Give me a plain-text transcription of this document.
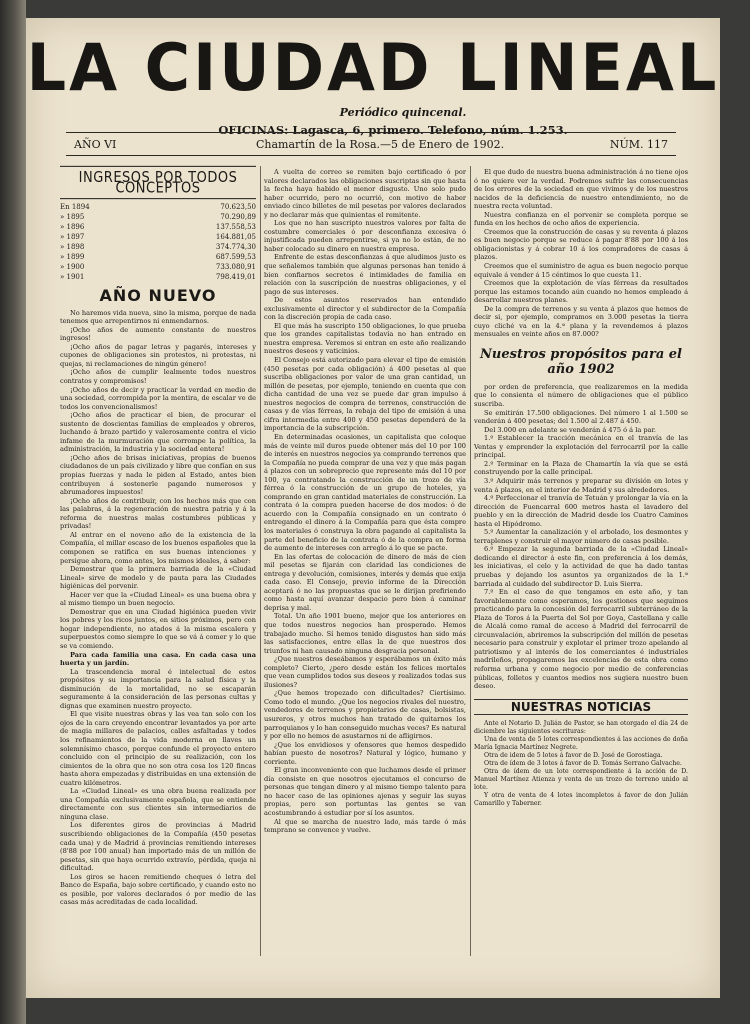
LA CIUDAD LINEAL
Periódico quincenal.
OFICINAS: Lagasca, 6, primero. Telefono, núm. 1.253.
AÑO VI	Chamartín de la Rosa.—5 de Enero de 1902.	NÚM. 117
INGRESOS POR TODOS CONCEPTOS
En 1894	70.623,50
» 1895	70.290,89
» 1896	137.558,53
» 1897	164.881,05
» 1898	374.774,30
» 1899	687.599,53
» 1900	733.080,91
» 1901	798.419,01
AÑO NUEVO

No haremos vida nueva, sino la misma, porque de nada tenemos que arrepentirnos ni enmendarnos.

¡Ocho años de aumento constante de nuestros ingresos!

¡Ocho años de pagar letras y pagarés, intereses y cupones de obligaciones sin protestos, ni protestas, ni quejas, ni reclamaciones de ningún género!

¡Ocho años de cumplir lealmente todos nuestros contratos y compromisos!

¡Ocho años de decir y practicar la verdad en medio de una sociedad, corrompida por la mentira, de escalar ve de todos los convencionalismos!

¡Ocho años de practicar el bien, de procurar el sustento de doscientas familias de empleados y obreros, luchando á brazo partido y valerosamente contra el vicio infame de la murmuración que corrompe la política, la administración, la industria y la sociedad entera!

¡Ocho años de brisas iniciativas, propias de buenos ciudadanos de un país civilizado y libre que confían en sus propias fuerzas y nada le piden al Estado, antes bien contribuyen á sostenerle pagando numerosos y abrumadores impuestos!

¡Ocho años de contribuir, con los hechos más que con las palabras, á la regeneración de nuestra patria y á la reforma de nuestras malas costumbres públicas y privadas!

Al entrar en el noveno año de la existencia de la Compañía, el millar escaso de los buenos españoles que la componen se ratifica en sus buenas intenciones y persigue ahora, como antes, los mismos ideales, á saber:

Demostrar que la primera barriada de la «Ciudad Lineal» sirve de modelo y de pauta para las Ciudades higiénicas del porvenir.

Hacer ver que la «Ciudad Lineal» es una buena obra y al mismo tiempo un buen negocio.

Demostrar que en una Ciudad higiénica pueden vivir los pobres y los ricos juntos, en sitios próximos, pero con hogar independiente, no atados á la misma escalera y superpuestos como siempre lo que se vá á comer y lo que se va comiendo.

Para cada familia una casa. En cada casa una huerta y un jardín.

La trascendencia moral é intelectual de estos propósitos y su importancia para la salud física y la disminución de la mortalidad, no se escaparán seguramente á la consideración de las personas cultas y dignas que examinen nuestro proyecto.

El que visite nuestras obras y las vea tan solo con los ojos de la cara creyendo encontrar levantados ya por arte de magia millares de palacios, calles asfaltadas y todos los refinamientos de la vida moderna en llaves un solemnísimo chasco, porque confunde el proyecto entero concluido con el principio de su realización, con los cimientos de la obra que no son otra cosa los 120 fincas hasta ahora empezadas y distribuidas en una extensión de cuatro kilómetros.

La «Ciudad Lineal» es una obra buena realizada por una Compañía exclusivamente española, que se entiende directamente con sus clientes sin intermediarios de ninguna clase.

Los diferentes giros de provincias á Madrid suscribiendo obligaciones de la Compañía (450 pesetas cada una) y de Madrid á provincias remitiendo intereses (8'88 por 100 anual) han importado más de un millón de pesetas, sin que haya ocurrido extravío, pérdida, queja ni dificultad.

Los giros se hacen remitiendo cheques ó letra del Banco de España, bajo sobre certificado, y cuando esto no es posible, por valores declarados ó por medio de las casas más acreditadas de cada localidad.

A vuelta de correo se remiten bajo certificado ó por valores declarados las obligaciones suscriptas sin que hasta la fecha haya habido el menor disgusto. Uno solo pudo haber ocurrido, pero no ocurrió, con motivo de haber enviado cinco billetes de mil pesetas por valores declarados y no declarar más que quinientas el remitente.

Los que no han suscripto nuestros valores por falta de costumbre comerciales ó por desconfianza excesiva ó injustificada pueden arrepentirse, si ya no lo están, de no haber colocado su dinero en nuestra empresa.

Enfrente de estas desconfianzas á que aludimos justo es que señalemos también que algunas personas han tenido á bien confiarnos secretos é intimidades de familia en relación con la suscripción de nuestras obligaciones, y el pago de sus intereses.

De estos asuntos reservados han entendido exclusivamente el director y el subdirector de la Compañía con la discreción propia de cada caso.

El que más ha suscripto 150 obligaciones, lo que prueba que los grandes capitalistas todavía no han entrado en nuestra empresa. Veremos si entran en este año realizando nuestros deseos y vaticinios.

El Consejo está autorizado para elevar el tipo de emisión (450 pesetas por cada obligación) á 400 pesetas al que suscriba obligaciones por valor de una gran cantidad, un millón de pesetas, por ejemplo, teniendo en cuenta que con dicha cantidad de una vez se puede dar gran impulso á nuestros negocios de compra de terrenos, construcción de casas y de vías férreas, la rebaja del tipo de emisión á una cifra intermedia entre 400 y 450 pesetas dependerá de la importancia de la subscripción.

En determinadas ocasiones, un capitalista que coloque más de veinte mil duros puede obtener más del 10 por 100 de interés en nuestros negocios ya comprando terrenos que la Compañía no pueda comprar de una vez y que más pagan á plazos con un sobreprecio que represente más del 10 por 100, ya contratando la construcción de un trozo de vía férrea ó la construcción de un grupo de hoteles, ya comprando en gran cantidad materiales de construcción. La contrata ó la compra pueden hacerse de dos modos: ó de acuerdo con la Compañía consignado en un contrato ó entregando el dinero á la Compañía para que ésta compre los materiales ó construya la obra pagando al capitalista la parte del beneficio de la contrata ó de la compra en forma de aumento de intereses con arreglo á lo que se pacte.

En las ofertas de colocación de dinero de más de cien mil pesetas se fijarán con claridad las condiciones de entrega y devolución, comisiones, interés y demás que exija cada caso. El Consejo, previo informe de la Dirección aceptará ó no las propuestas que se le dirijan prefiriendo como hasta aquí avanzar despacio pero bien á caminar deprisa y mal.

Total. Un año 1901 bueno, mejor que los anteriores en que todos nuestros negocios han prosperado. Hemos trabajado mucho. Sí hemos tenido disgustos han sido más las satisfacciones, entre ellas la de que nuestros dos triunfos ni han causado ninguna desgracia personal.

¿Que nuestros deseábamos y esperábamos un éxito más completo? Cierto, ¿pero desde están los felices mortales que vean cumplidos todos sus deseos y realizados todas sus ilusiones?

¿Que hemos tropezado con dificultades? Ciertísimo. Como todo el mundo. ¿Que los negocios rivales del nuestro, vendedores de terrenos y propietarios de casas, bolsistas, usureros, y otros muchos han tratado de quitarnos los parroquianos y lo han conseguido muchas veces? Es natural y por ello no hemos de asustarnos ni de afligirnos.

¿Que los envidiosos y ofensores que hemos despedido habían puesto de nosotros? Natural y lógico, humano y corriente.

El gran inconveniente con que luchamos desde el primer día consiste en que nosotros ejecutamos el concurso de personas que tengan dinero y al mismo tiempo talento para no hacer caso de las opiniones ajenas y seguir las suyas propias, pero son portuntas las gentes se van acostumbrando á estudiar por sí los asuntos.

Al que se marcha de nuestro lado, más tarde ó más temprano se convence y vuelve.

El que dudo de nuestra buena administración á no tiene ojos ó no quiere ver la verdad. Podremos sufrir las consecuencias de los errores de la sociedad en que vivimos y de los nuestros nacidos de la deficiencia de nuestro entendimiento, no de nuestra recta voluntad.

Nuestra confianza en el porvenir se completa porque se funda en los hechos de ocho años de experiencia.

Creemos que la construcción de casas y su reventa á plazos es buen negocio porque se reduce á pagar 8'88 por 100 á los obligacionistas y á cobrar 10 á los compradores de casas á plazos.

Creemos que el suministro de agua es buen negocio porque equivale á vender á 15 céntimos lo que cuesta 11.

Creemos que la explotación de vías férreas da resultados porque las estamos tocando aún cuando no hemos empleado á desarrollar nuestros planes.

De la compra de terrenos y su venta á plazos que hemos de decir si, por ejemplo, compramos en 3.000 pesetas la tierra cuyo cliché va en la 4.ª plana y la revendemos á plazos mensuales en veinte años en 87.000?

Nuestros propósitos para el año 1902

por orden de preferencia, que realizaremos en la medida que lo consienta el número de obligaciones que el público suscriba.

Se emitirán 17.500 obligaciones. Del número 1 al 1.500 se venderán á 400 pesetas; del 1.500 al 2.487 á 450.

Del 3.000 en adelante se venderán á 475 ó á la par.

1.º Establecer la tracción mecánica en el tranvía de las Ventas y emprender la explotación del ferrocarril por la calle principal.

2.º Terminar en la Plaza de Chamartín la vía que se está construyendo por la calle principal.

3.º Adquirir más terrenos y preparar su división en lotes y venta á plazos, en el interior de Madrid y sus alrededores.

4.º Perfeccionar el tranvía de Tetuán y prolongar la vía en la dirección de Fuencarral 600 metros hasta el lavadero del pueblo y en la dirección de Madrid desde los Cuatro Caminos hasta el Hipódromo.

5.º Aumentar la canalización y el arbolado, los desmontes y terraplenes y construir el mayor número de casas posible.

6.º Empezar la segunda barriada de la «Ciudad Lineal» dedicando el director á este fin, con preferencia á los demás, les iniciativas, el celo y la actividad de que ha dado tantas pruebas y dejando los asuntos ya organizados de la 1.ª barriada al cuidado del subdirector D. Luis Sierra.

7.º En el caso de que tengamos en este año, y tan favorablemente como esperamos, los gestiones que seguimos practicando para la concesión del ferrocarril subterráneo de la Plaza de Toros á la Puerta del Sol por Goya, Castellana y calle de Alcalá como ramal de acceso á Madrid del ferrocarril de circunvalación, abriremos la subscripción del millón de pesetas necesario para construir y explotar el primer trozo apelando al patriotismo y al interés de los comerciantes é industriales madrileños, propagaremos las excelencias de esta obra como reforma urbana y como negocio por medio de conferencias públicas, folletos y cuantos medios nos sugiera nuestro buen deseo.

NUESTRAS NOTICIAS

Ante el Notario D. Julián de Pastor, se han otorgado el día 24 de diciembre las siguientes escrituras:

Una de venta de 5 lotes correspondientes á las acciones de doña María Ignacia Martínez Negrete.

Otra de idem de 5 lotes á favor de D. José de Gorostiaga.

Otra de ídem de 3 lotes á favor de D. Tomás Serrano Galvache.

Otra de ídem de un lote correspondiente á la acción de D. Manuel Martínez Atienza y venta de un trozo de terreno unido al lote.

Y otra de venta de 4 lotes incompletos á favor de don Julián Camarillo y Taberner.
